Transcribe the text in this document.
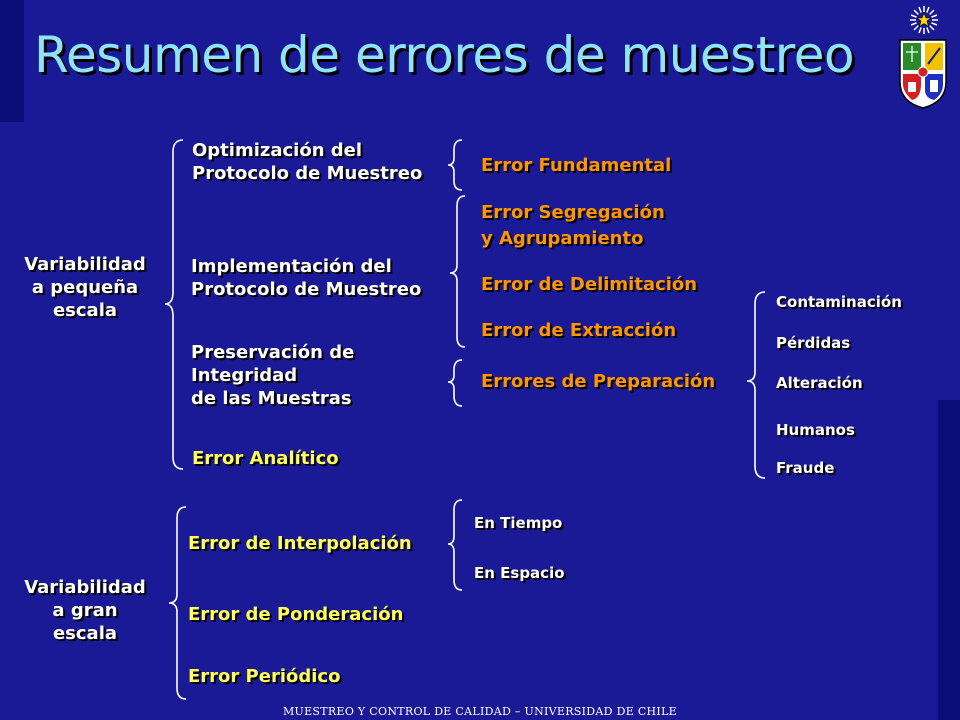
Resumen de errores de muestreo
Variabilidad
a pequeña
escala
Optimización del
Protocolo de Muestreo
Implementación del
Protocolo de Muestreo
Preservación de
Integridad
de las Muestras
Error Analítico
Error Fundamental
Error Segregación
y Agrupamiento
Error de Delimitación
Error de Extracción
Errores de Preparación
Contaminación
Pérdidas
Alteración
Humanos
Fraude
Variabilidad
a gran
escala
Error de Interpolación
Error de Ponderación
Error Periódico
En Tiempo
En Espacio
MUESTREO Y CONTROL DE CALIDAD – UNIVERSIDAD DE CHILE
